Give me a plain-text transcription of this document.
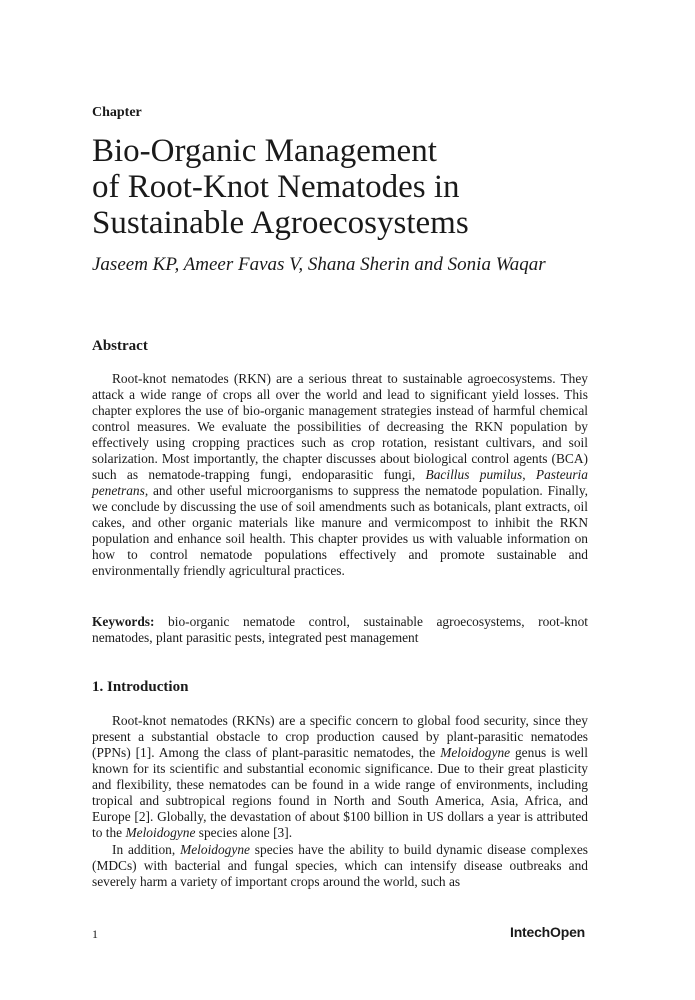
Chapter
Bio-Organic Management
of Root-Knot Nematodes in
Sustainable Agroecosystems
Jaseem KP, Ameer Favas V, Shana Sherin and Sonia Waqar
Abstract

Root-knot nematodes (RKN) are a serious threat to sustainable agroecosystems. They attack a wide range of crops all over the world and lead to significant yield losses. This chapter explores the use of bio-organic management strategies instead of harmful chemical control measures. We evaluate the possibilities of decreasing the RKN population by effectively using cropping practices such as crop rotation, resistant cultivars, and soil solarization. Most importantly, the chapter discusses about biological control agents (BCA) such as nematode-trapping fungi, endoparasitic fungi, Bacillus pumilus, Pasteuria penetrans, and other useful microorganisms to suppress the nematode population. Finally, we conclude by discussing the use of soil amendments such as botanicals, plant extracts, oil cakes, and other organic materials like manure and vermicompost to inhibit the RKN population and enhance soil health. This chapter provides us with valuable information on how to control nematode populations effectively and promote sustainable and environmentally friendly agricultural practices.

Keywords: bio-organic nematode control, sustainable agroecosystems, root-knot nematodes, plant parasitic pests, integrated pest management

1. Introduction

Root-knot nematodes (RKNs) are a specific concern to global food security, since they present a substantial obstacle to crop production caused by plant-parasitic nematodes (PPNs) [1]. Among the class of plant-parasitic nematodes, the Meloidogyne genus is well known for its scientific and substantial economic significance. Due to their great plasticity and flexibility, these nematodes can be found in a wide range of environments, including tropical and subtropical regions found in North and South America, Asia, Africa, and Europe [2]. Globally, the devastation of about $100 billion in US dollars a year is attributed to the Meloidogyne species alone [3].

In addition, Meloidogyne species have the ability to build dynamic disease complexes (MDCs) with bacterial and fungal species, which can intensify disease outbreaks and severely harm a variety of important crops around the world, such as

1	IntechOpen
